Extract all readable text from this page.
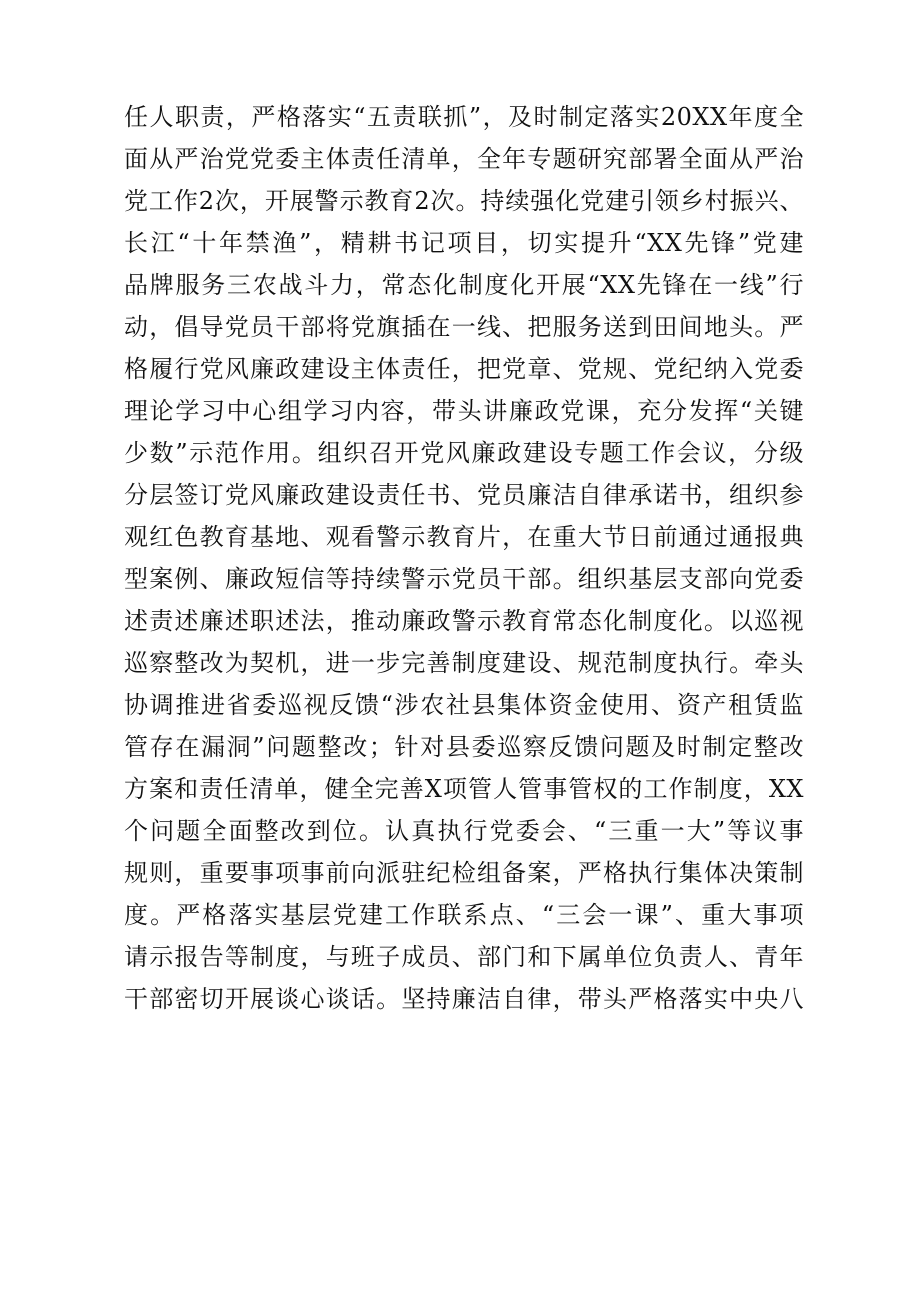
任人职责，严格落实“五责联抓”，及时制定落实20XX年度全
面从严治党党委主体责任清单，全年专题研究部署全面从严治
党工作2次，开展警示教育2次。持续强化党建引领乡村振兴、
长江“十年禁渔”，精耕书记项目，切实提升“XX先锋”党建
品牌服务三农战斗力，常态化制度化开展“XX先锋在一线”行
动，倡导党员干部将党旗插在一线、把服务送到田间地头。严
格履行党风廉政建设主体责任，把党章、党规、党纪纳入党委
理论学习中心组学习内容，带头讲廉政党课，充分发挥“关键
少数”示范作用。组织召开党风廉政建设专题工作会议，分级
分层签订党风廉政建设责任书、党员廉洁自律承诺书，组织参
观红色教育基地、观看警示教育片，在重大节日前通过通报典
型案例、廉政短信等持续警示党员干部。组织基层支部向党委
述责述廉述职述法，推动廉政警示教育常态化制度化。以巡视
巡察整改为契机，进一步完善制度建设、规范制度执行。牵头
协调推进省委巡视反馈“涉农社县集体资金使用、资产租赁监
管存在漏洞”问题整改；针对县委巡察反馈问题及时制定整改
方案和责任清单，健全完善X项管人管事管权的工作制度，XX
个问题全面整改到位。认真执行党委会、“三重一大”等议事
规则，重要事项事前向派驻纪检组备案，严格执行集体决策制
度。严格落实基层党建工作联系点、“三会一课”、重大事项
请示报告等制度，与班子成员、部门和下属单位负责人、青年
干部密切开展谈心谈话。坚持廉洁自律，带头严格落实中央八
